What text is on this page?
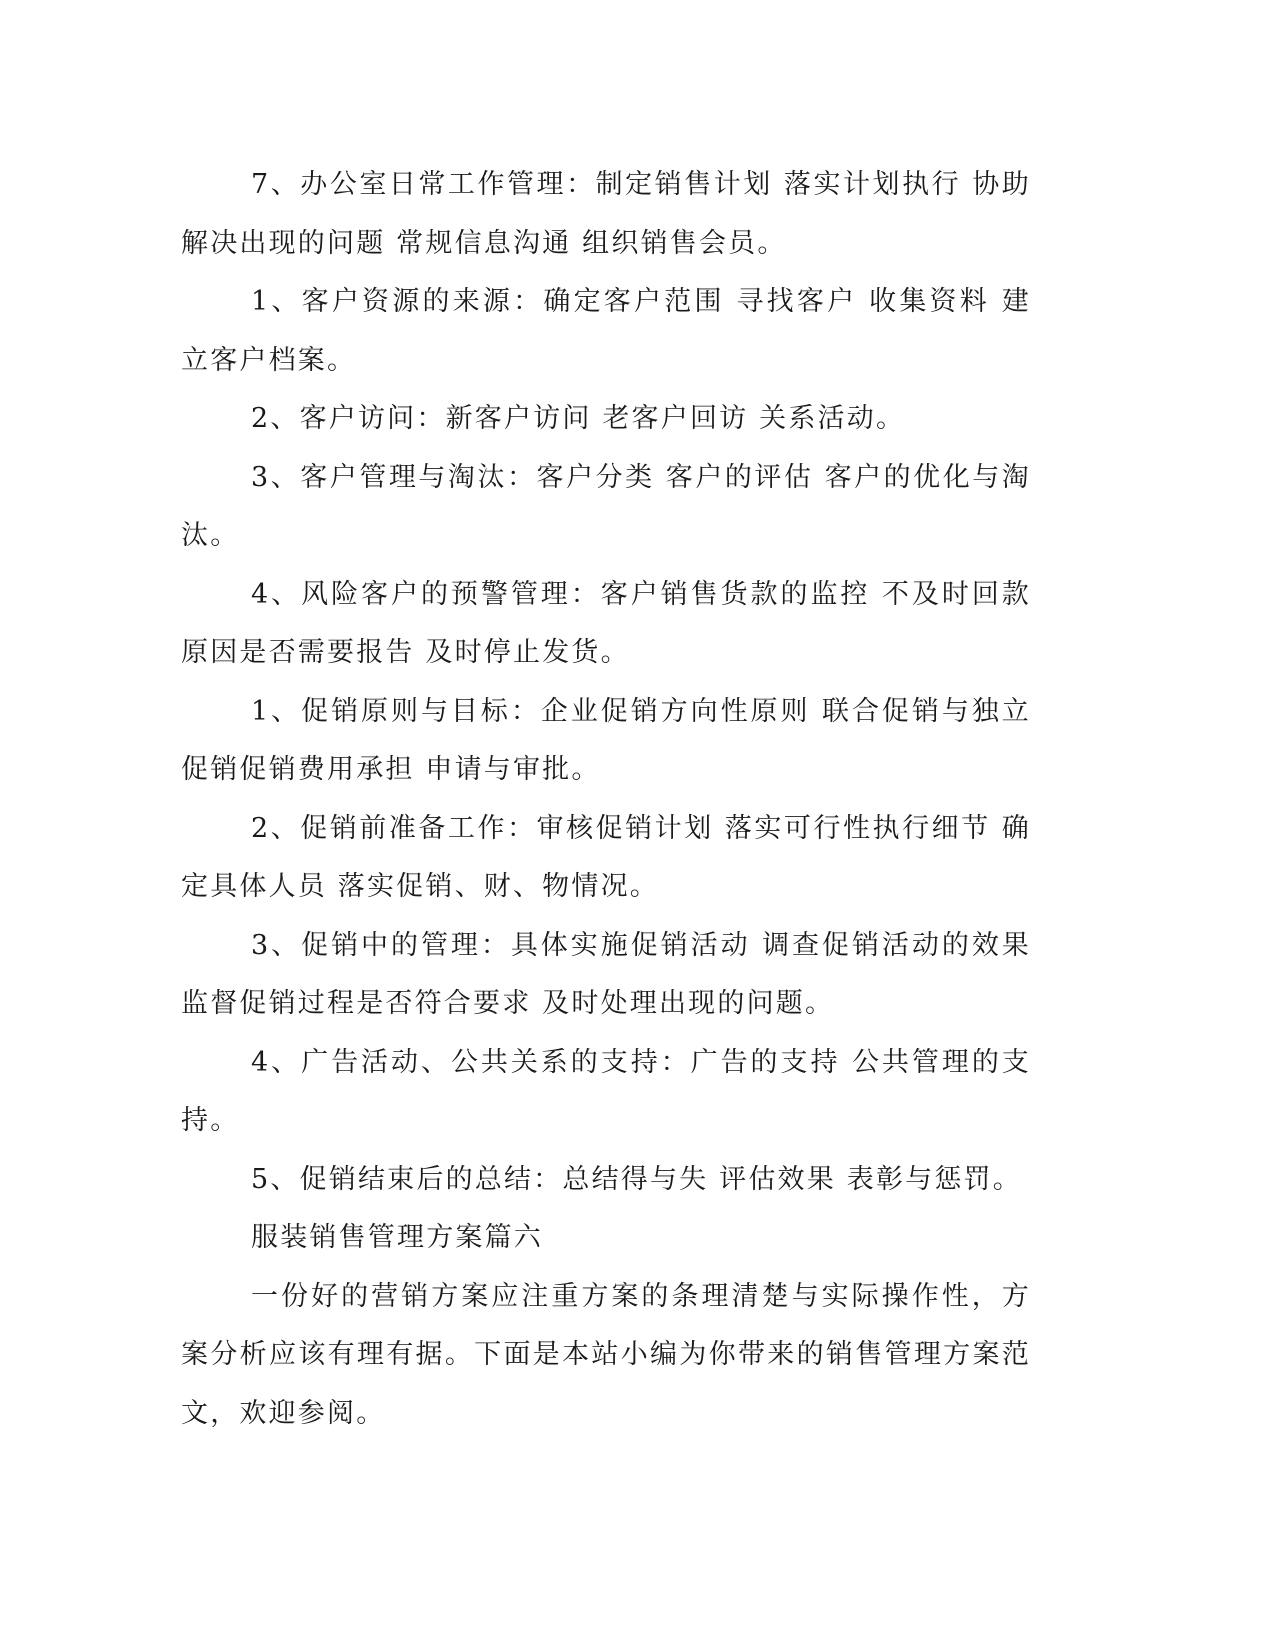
7、办公室日常工作管理：制定销售计划 落实计划执行 协助解决出现的问题 常规信息沟通 组织销售会员。

1、客户资源的来源：确定客户范围 寻找客户 收集资料 建立客户档案。

2、客户访问：新客户访问 老客户回访 关系活动。

3、客户管理与淘汰：客户分类 客户的评估 客户的优化与淘汰。

4、风险客户的预警管理：客户销售货款的监控 不及时回款原因是否需要报告 及时停止发货。

1、促销原则与目标：企业促销方向性原则 联合促销与独立促销促销费用承担 申请与审批。

2、促销前准备工作：审核促销计划 落实可行性执行细节 确定具体人员 落实促销、财、物情况。

3、促销中的管理：具体实施促销活动 调查促销活动的效果 监督促销过程是否符合要求 及时处理出现的问题。

4、广告活动、公共关系的支持：广告的支持 公共管理的支持。

5、促销结束后的总结：总结得与失 评估效果 表彰与惩罚。

服装销售管理方案篇六

一份好的营销方案应注重方案的条理清楚与实际操作性，方案分析应该有理有据。下面是本站小编为你带来的销售管理方案范文，欢迎参阅。
